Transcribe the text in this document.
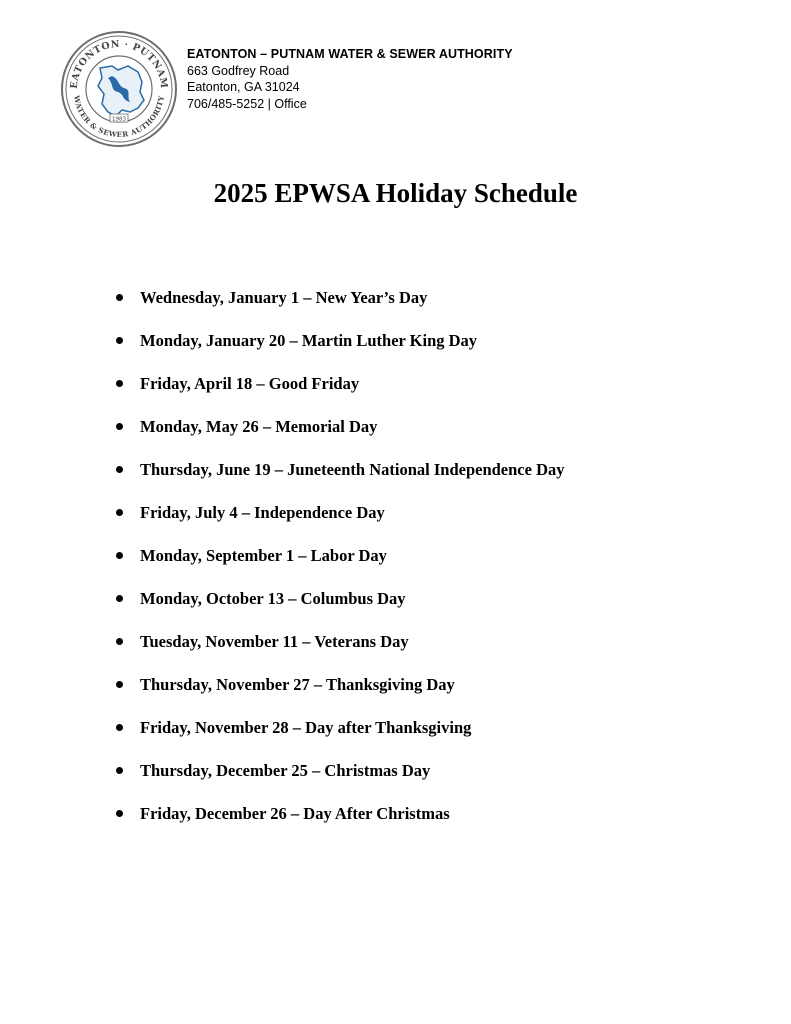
EATONTON · PUTNAM
WATER & SEWER AUTHORITY
1983
EATONTON – PUTNAM WATER & SEWER AUTHORITY
663 Godfrey Road
Eatonton, GA 31024
706/485-5252 | Office
2025 EPWSA Holiday Schedule
Wednesday, January 1 – New Year’s Day
Monday, January 20 – Martin Luther King Day
Friday, April 18 – Good Friday
Monday, May 26 – Memorial Day
Thursday, June 19 – Juneteenth National Independence Day
Friday, July 4 – Independence Day
Monday, September 1 – Labor Day
Monday, October 13 – Columbus Day
Tuesday, November 11 – Veterans Day
Thursday, November 27 – Thanksgiving Day
Friday, November 28 – Day after Thanksgiving
Thursday, December 25 – Christmas Day
Friday, December 26 – Day After Christmas
